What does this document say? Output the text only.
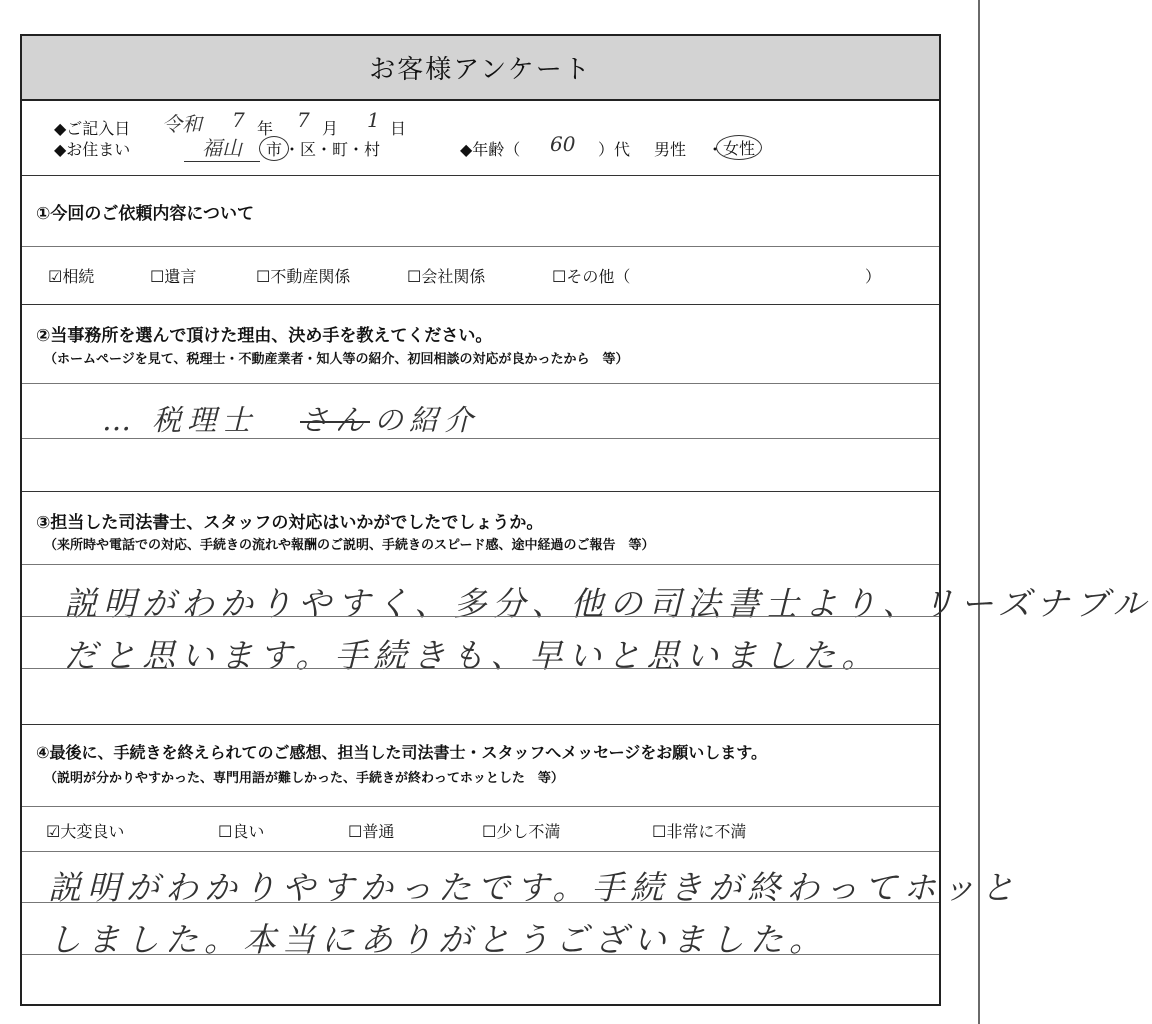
お客様アンケート
◆ご記入日 令和 7 年 7 月 1 日
◆お住まい	福山	市 ・区・町・村	◆年齢（ 60 ）代 男性 ・ 女性
①今回のご依頼内容について
☑相続	☐遺言	☐不動産関係	☐会社関係	☐その他（	）
②当事務所を選んで頂けた理由、決め手を教えてください。
（ホームページを見て、税理士・不動産業者・知人等の紹介、初回相談の対応が良かったから　等）
… 税理士 さん の紹介
③担当した司法書士、スタッフの対応はいかがでしたでしょうか。
（来所時や電話での対応、手続きの流れや報酬のご説明、手続きのスピード感、途中経過のご報告　等）
説明がわかりやすく、多分、他の司法書士より、リーズナブル
だと思います。手続きも、早いと思いました。
④最後に、手続きを終えられてのご感想、担当した司法書士・スタッフへメッセージをお願いします。
（説明が分かりやすかった、専門用語が難しかった、手続きが終わってホッとした　等）
☑大変良い	☐良い	☐普通	☐少し不満	☐非常に不満
説明がわかりやすかったです。手続きが終わってホッと
しました。本当にありがとうございました。
